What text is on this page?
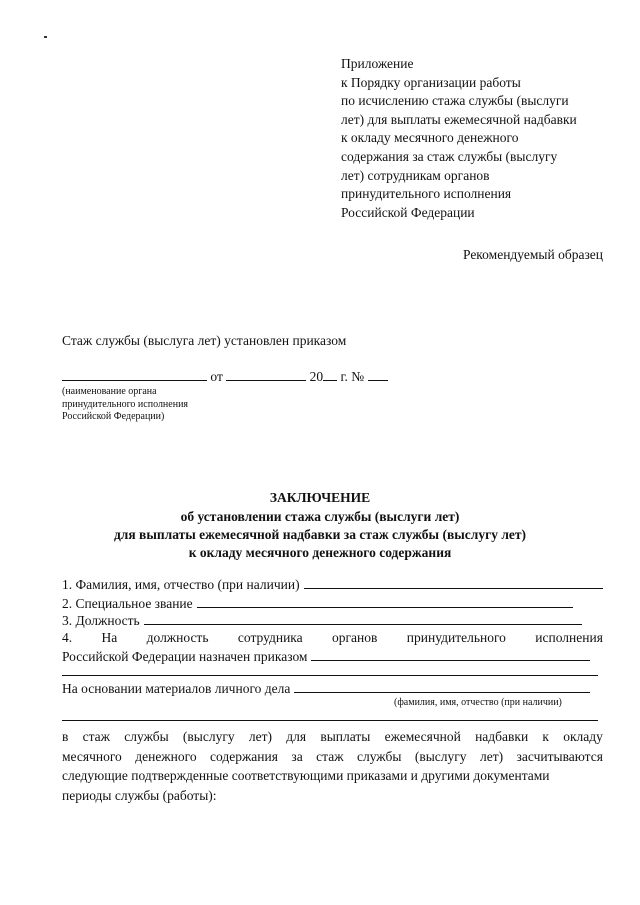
Приложение
к Порядку организации работы
по исчислению стажа службы (выслуги
лет) для выплаты ежемесячной надбавки
к окладу месячного денежного
содержания за стаж службы (выслугу
лет) сотрудникам органов
принудительного исполнения
Российской Федерации
Рекомендуемый образец
Стаж службы (выслуга лет) установлен приказом
от	20 г. №
(наименование органа
принудительного исполнения
Российской Федерации)
ЗАКЛЮЧЕНИЕ
об установлении стажа службы (выслуги лет)
для выплаты ежемесячной надбавки за стаж службы (выслугу лет)
к окладу месячного денежного содержания
1. Фамилия, имя, отчество (при наличии)
2. Специальное звание
3. Должность
4. На должность сотрудника органов принудительного исполнения
Российской Федерации назначен приказом
На основании материалов личного дела
(фамилия, имя, отчество (при наличии)
в стаж службы (выслугу лет) для выплаты ежемесячной надбавки к окладу
месячного денежного содержания за стаж службы (выслугу лет) засчитываются
следующие подтвержденные соответствующими приказами и другими документами
периоды службы (работы):
